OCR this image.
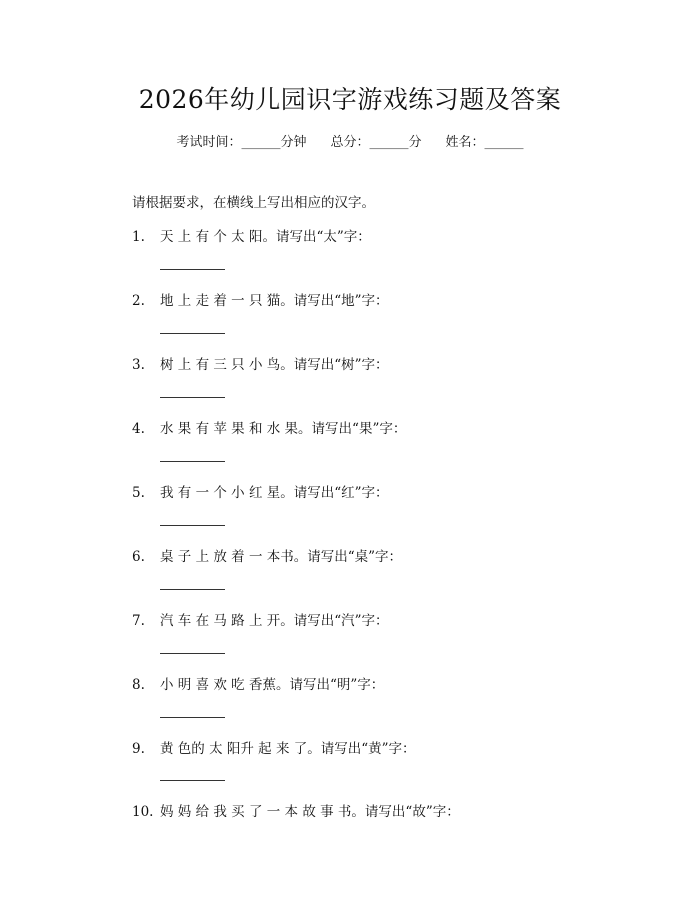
2026年幼儿园识字游戏练习题及答案
考试时间：______分钟 总分：______分 姓名：______
请根据要求，在横线上写出相应的汉字。
1. 天 上 有 个 太 阳。请写出“太”字：
2. 地 上 走 着 一 只 猫。请写出“地”字：
3. 树 上 有 三 只 小 鸟。请写出“树”字：
4. 水 果 有 苹 果 和 水 果。请写出“果”字：
5. 我 有 一 个 小 红 星。请写出“红”字：
6. 桌 子 上 放 着 一 本书。请写出“桌”字：
7. 汽 车 在 马 路 上 开。请写出“汽”字：
8. 小 明 喜 欢 吃 香蕉。请写出“明”字：
9. 黄 色的 太 阳升 起 来 了。请写出“黄”字：
10. 妈 妈 给 我 买 了 一 本 故 事 书。请写出“故”字：
